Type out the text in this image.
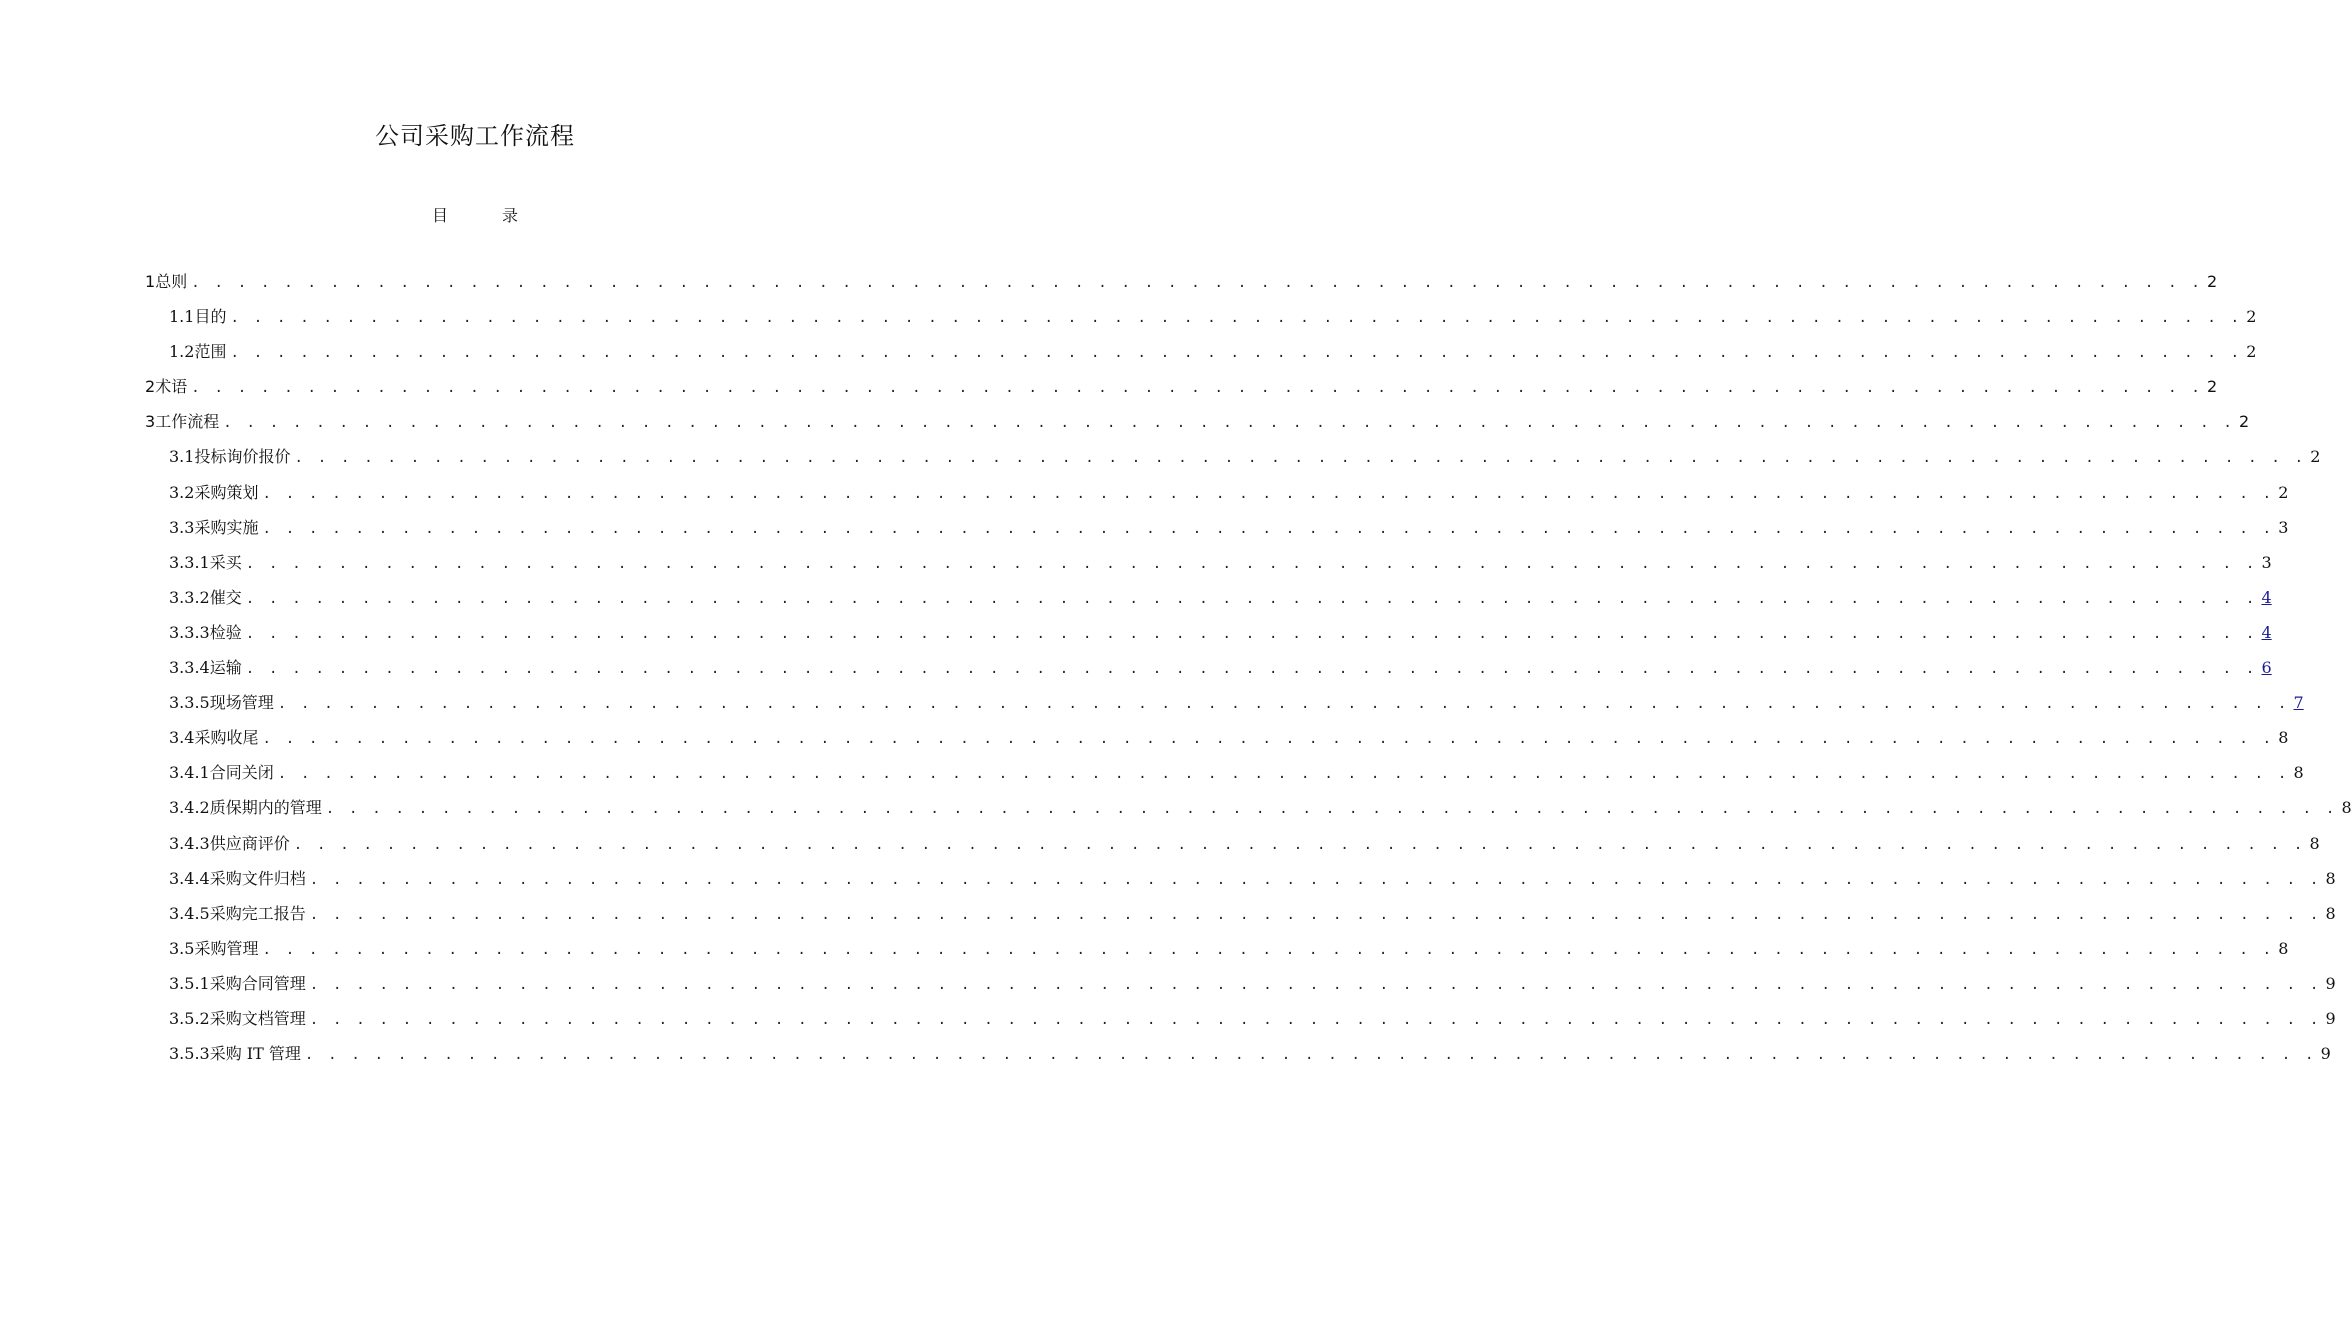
公司采购工作流程
目	录
1 总则 . . . . . . . . . . . . . . . . . . . . . . . . . . . . . . . . . . . . . . . . . . . . . . . . . . . . . . . . . . . . . . . . . . . . . . . . . . . . . . . . . . . . . . . 2
1.1 目的 . . . . . . . . . . . . . . . . . . . . . . . . . . . . . . . . . . . . . . . . . . . . . . . . . . . . . . . . . . . . . . . . . . . . . . . . . . . . . . . . . . . . . . . 2
1.2 范围 . . . . . . . . . . . . . . . . . . . . . . . . . . . . . . . . . . . . . . . . . . . . . . . . . . . . . . . . . . . . . . . . . . . . . . . . . . . . . . . . . . . . . . . 2
2 术语 . . . . . . . . . . . . . . . . . . . . . . . . . . . . . . . . . . . . . . . . . . . . . . . . . . . . . . . . . . . . . . . . . . . . . . . . . . . . . . . . . . . . . . . 2
3 工作流程 . . . . . . . . . . . . . . . . . . . . . . . . . . . . . . . . . . . . . . . . . . . . . . . . . . . . . . . . . . . . . . . . . . . . . . . . . . . . . . . . . . . . . . . 2
3.1 投标询价报价 . . . . . . . . . . . . . . . . . . . . . . . . . . . . . . . . . . . . . . . . . . . . . . . . . . . . . . . . . . . . . . . . . . . . . . . . . . . . . . . . . . . . . . . 2
3.2 采购策划 . . . . . . . . . . . . . . . . . . . . . . . . . . . . . . . . . . . . . . . . . . . . . . . . . . . . . . . . . . . . . . . . . . . . . . . . . . . . . . . . . . . . . . . 2
3.3 采购实施 . . . . . . . . . . . . . . . . . . . . . . . . . . . . . . . . . . . . . . . . . . . . . . . . . . . . . . . . . . . . . . . . . . . . . . . . . . . . . . . . . . . . . . . 3
3.3.1 采买 . . . . . . . . . . . . . . . . . . . . . . . . . . . . . . . . . . . . . . . . . . . . . . . . . . . . . . . . . . . . . . . . . . . . . . . . . . . . . . . . . . . . . . . 3
3.3.2 催交 . . . . . . . . . . . . . . . . . . . . . . . . . . . . . . . . . . . . . . . . . . . . . . . . . . . . . . . . . . . . . . . . . . . . . . . . . . . . . . . . . . . . . . . 4
3.3.3 检验 . . . . . . . . . . . . . . . . . . . . . . . . . . . . . . . . . . . . . . . . . . . . . . . . . . . . . . . . . . . . . . . . . . . . . . . . . . . . . . . . . . . . . . . 4
3.3.4 运输 . . . . . . . . . . . . . . . . . . . . . . . . . . . . . . . . . . . . . . . . . . . . . . . . . . . . . . . . . . . . . . . . . . . . . . . . . . . . . . . . . . . . . . . 6
3.3.5 现场管理 . . . . . . . . . . . . . . . . . . . . . . . . . . . . . . . . . . . . . . . . . . . . . . . . . . . . . . . . . . . . . . . . . . . . . . . . . . . . . . . . . . . . . . . 7
3.4 采购收尾 . . . . . . . . . . . . . . . . . . . . . . . . . . . . . . . . . . . . . . . . . . . . . . . . . . . . . . . . . . . . . . . . . . . . . . . . . . . . . . . . . . . . . . . 8
3.4.1 合同关闭 . . . . . . . . . . . . . . . . . . . . . . . . . . . . . . . . . . . . . . . . . . . . . . . . . . . . . . . . . . . . . . . . . . . . . . . . . . . . . . . . . . . . . . . 8
3.4.2 质保期内的管理 . . . . . . . . . . . . . . . . . . . . . . . . . . . . . . . . . . . . . . . . . . . . . . . . . . . . . . . . . . . . . . . . . . . . . . . . . . . . . . . . . . . . . . . 8
3.4.3 供应商评价 . . . . . . . . . . . . . . . . . . . . . . . . . . . . . . . . . . . . . . . . . . . . . . . . . . . . . . . . . . . . . . . . . . . . . . . . . . . . . . . . . . . . . . . 8
3.4.4 采购文件归档 . . . . . . . . . . . . . . . . . . . . . . . . . . . . . . . . . . . . . . . . . . . . . . . . . . . . . . . . . . . . . . . . . . . . . . . . . . . . . . . . . . . . . . . 8
3.4.5 采购完工报告 . . . . . . . . . . . . . . . . . . . . . . . . . . . . . . . . . . . . . . . . . . . . . . . . . . . . . . . . . . . . . . . . . . . . . . . . . . . . . . . . . . . . . . . 8
3.5 采购管理 . . . . . . . . . . . . . . . . . . . . . . . . . . . . . . . . . . . . . . . . . . . . . . . . . . . . . . . . . . . . . . . . . . . . . . . . . . . . . . . . . . . . . . . 8
3.5.1 采购合同管理 . . . . . . . . . . . . . . . . . . . . . . . . . . . . . . . . . . . . . . . . . . . . . . . . . . . . . . . . . . . . . . . . . . . . . . . . . . . . . . . . . . . . . . . 9
3.5.2 采购文档管理 . . . . . . . . . . . . . . . . . . . . . . . . . . . . . . . . . . . . . . . . . . . . . . . . . . . . . . . . . . . . . . . . . . . . . . . . . . . . . . . . . . . . . . . 9
3.5.3 采购 IT 管理 . . . . . . . . . . . . . . . . . . . . . . . . . . . . . . . . . . . . . . . . . . . . . . . . . . . . . . . . . . . . . . . . . . . . . . . . . . . . . . . . . . . . . . . 9
